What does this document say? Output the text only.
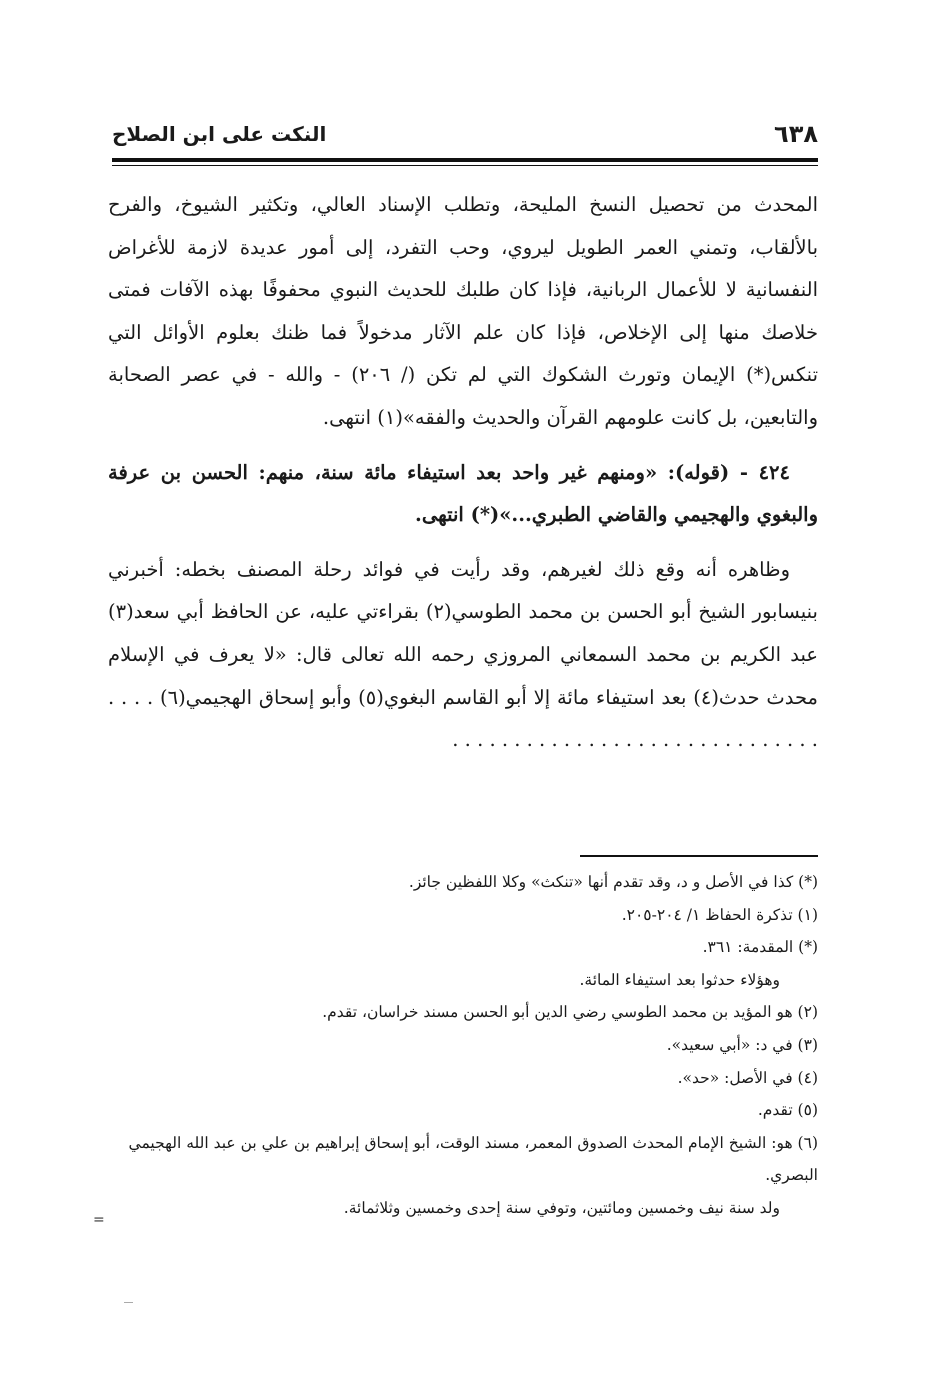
٦٣٨
النكت على ابن الصلاح

المحدث من تحصيل النسخ المليحة، وتطلب الإسناد العالي، وتكثير الشيوخ، والفرح بالألقاب، وتمني العمر الطويل ليروي، وحب التفرد، إلى أمور عديدة لازمة للأغراض النفسانية لا للأعمال الربانية، فإذا كان طلبك للحديث النبوي محفوفًا بهذه الآفات فمتى خلاصك منها إلى الإخلاص، فإذا كان علم الآثار مدخولاً فما ظنك بعلوم الأوائل التي تنكس(*) الإيمان وتورث الشكوك التي لم تكن (/ ٢٠٦) - والله - في عصر الصحابة والتابعين، بل كانت علومهم القرآن والحديث والفقه»(١) انتهى.

٤٢٤ - (قوله): «ومنهم غير واحد بعد استيفاء مائة سنة، منهم: الحسن بن عرفة والبغوي والهجيمي والقاضي الطبري...»(*) انتهى.

وظاهره أنه وقع ذلك لغيرهم، وقد رأيت في فوائد رحلة المصنف بخطه: أخبرني بنيسابور الشيخ أبو الحسن بن محمد الطوسي(٢) بقراءتي عليه، عن الحافظ أبي سعد(٣) عبد الكريم بن محمد السمعاني المروزي رحمه الله تعالى قال: «لا يعرف في الإسلام محدث حدث(٤) بعد استيفاء مائة إلا أبو القاسم البغوي(٥) وأبو إسحاق الهجيمي(٦) . . . . . . . . . . . . . . . . . . . . . . . . . . . . . . . . . .

(*) كذا في الأصل و د، وقد تقدم أنها «تنكث» وكلا اللفظين جائز.

(١) تذكرة الحفاظ ١/ ٢٠٤-٢٠٥.

(*) المقدمة: ٣٦١.

وهؤلاء حدثوا بعد استيفاء المائة.

(٢) هو المؤيد بن محمد الطوسي رضي الدين أبو الحسن مسند خراسان، تقدم.

(٣) في د: «أبي سعيد».

(٤) في الأصل: «حد».

(٥) تقدم.

(٦) هو: الشيخ الإمام المحدث الصدوق المعمر، مسند الوقت، أبو إسحاق إبراهيم بن علي بن عبد الله الهجيمي البصري.

ولد سنة نيف وخمسين ومائتين، وتوفي سنة إحدى وخمسين وثلاثمائة.

=
